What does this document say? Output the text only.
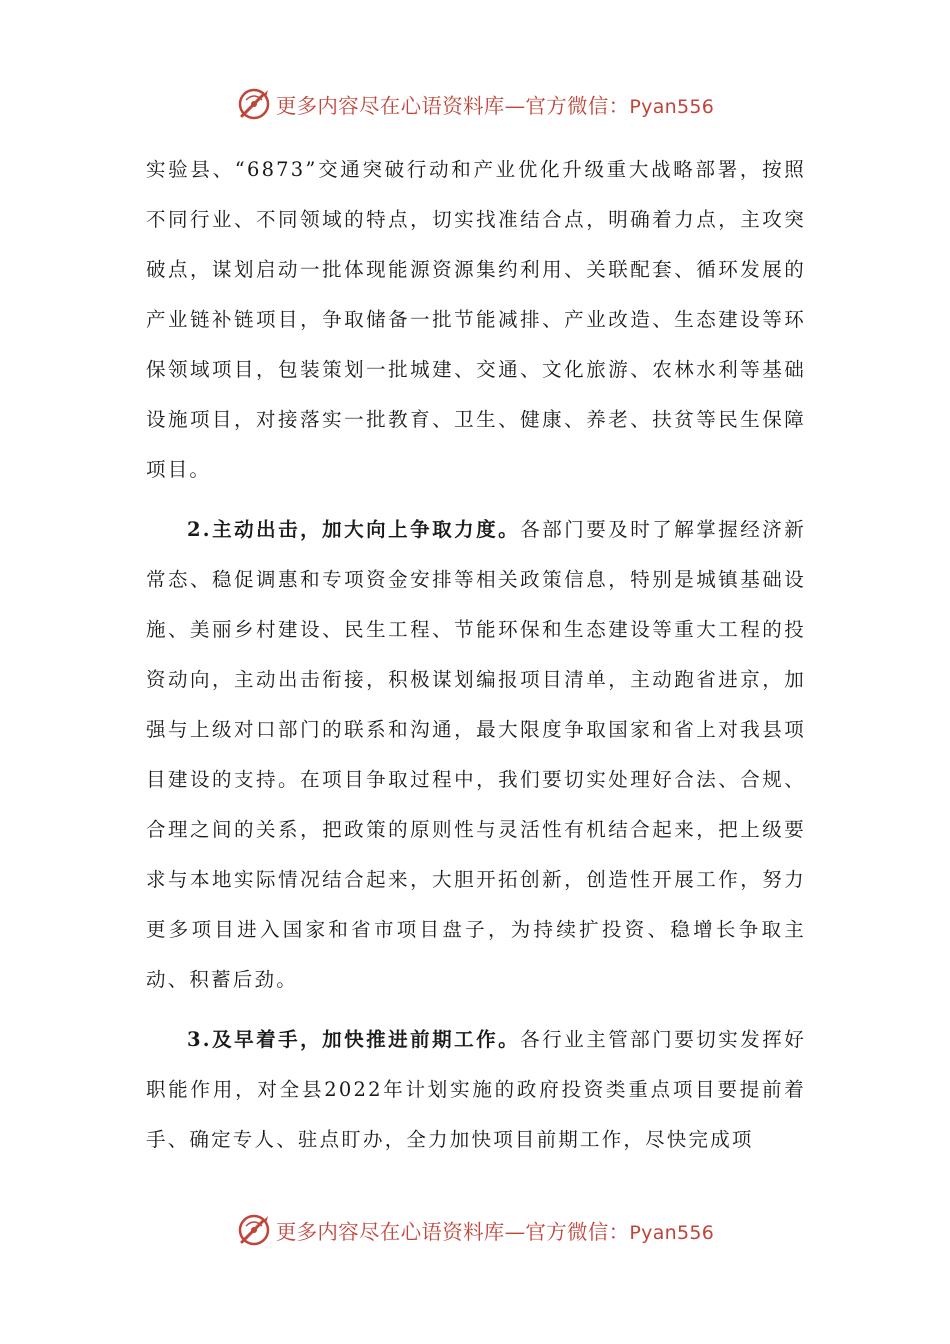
更多内容尽在心语资料库—官方微信：Pyan556

实验县、“6873”交通突破行动和产业优化升级重大战略部署，按照不同行业、不同领域的特点，切实找准结合点，明确着力点，主攻突破点，谋划启动一批体现能源资源集约利用、关联配套、循环发展的产业链补链项目，争取储备一批节能减排、产业改造、生态建设等环保领域项目，包装策划一批城建、交通、文化旅游、农林水利等基础设施项目，对接落实一批教育、卫生、健康、养老、扶贫等民生保障项目。

2.主动出击，加大向上争取力度。各部门要及时了解掌握经济新常态、稳促调惠和专项资金安排等相关政策信息，特别是城镇基础设施、美丽乡村建设、民生工程、节能环保和生态建设等重大工程的投资动向，主动出击衔接，积极谋划编报项目清单，主动跑省进京，加强与上级对口部门的联系和沟通，最大限度争取国家和省上对我县项目建设的支持。在项目争取过程中，我们要切实处理好合法、合规、合理之间的关系，把政策的原则性与灵活性有机结合起来，把上级要求与本地实际情况结合起来，大胆开拓创新，创造性开展工作，努力更多项目进入国家和省市项目盘子，为持续扩投资、稳增长争取主动、积蓄后劲。

3.及早着手，加快推进前期工作。各行业主管部门要切实发挥好职能作用，对全县2022年计划实施的政府投资类重点项目要提前着手、确定专人、驻点盯办，全力加快项目前期工作，尽快完成项

更多内容尽在心语资料库—官方微信：Pyan556
